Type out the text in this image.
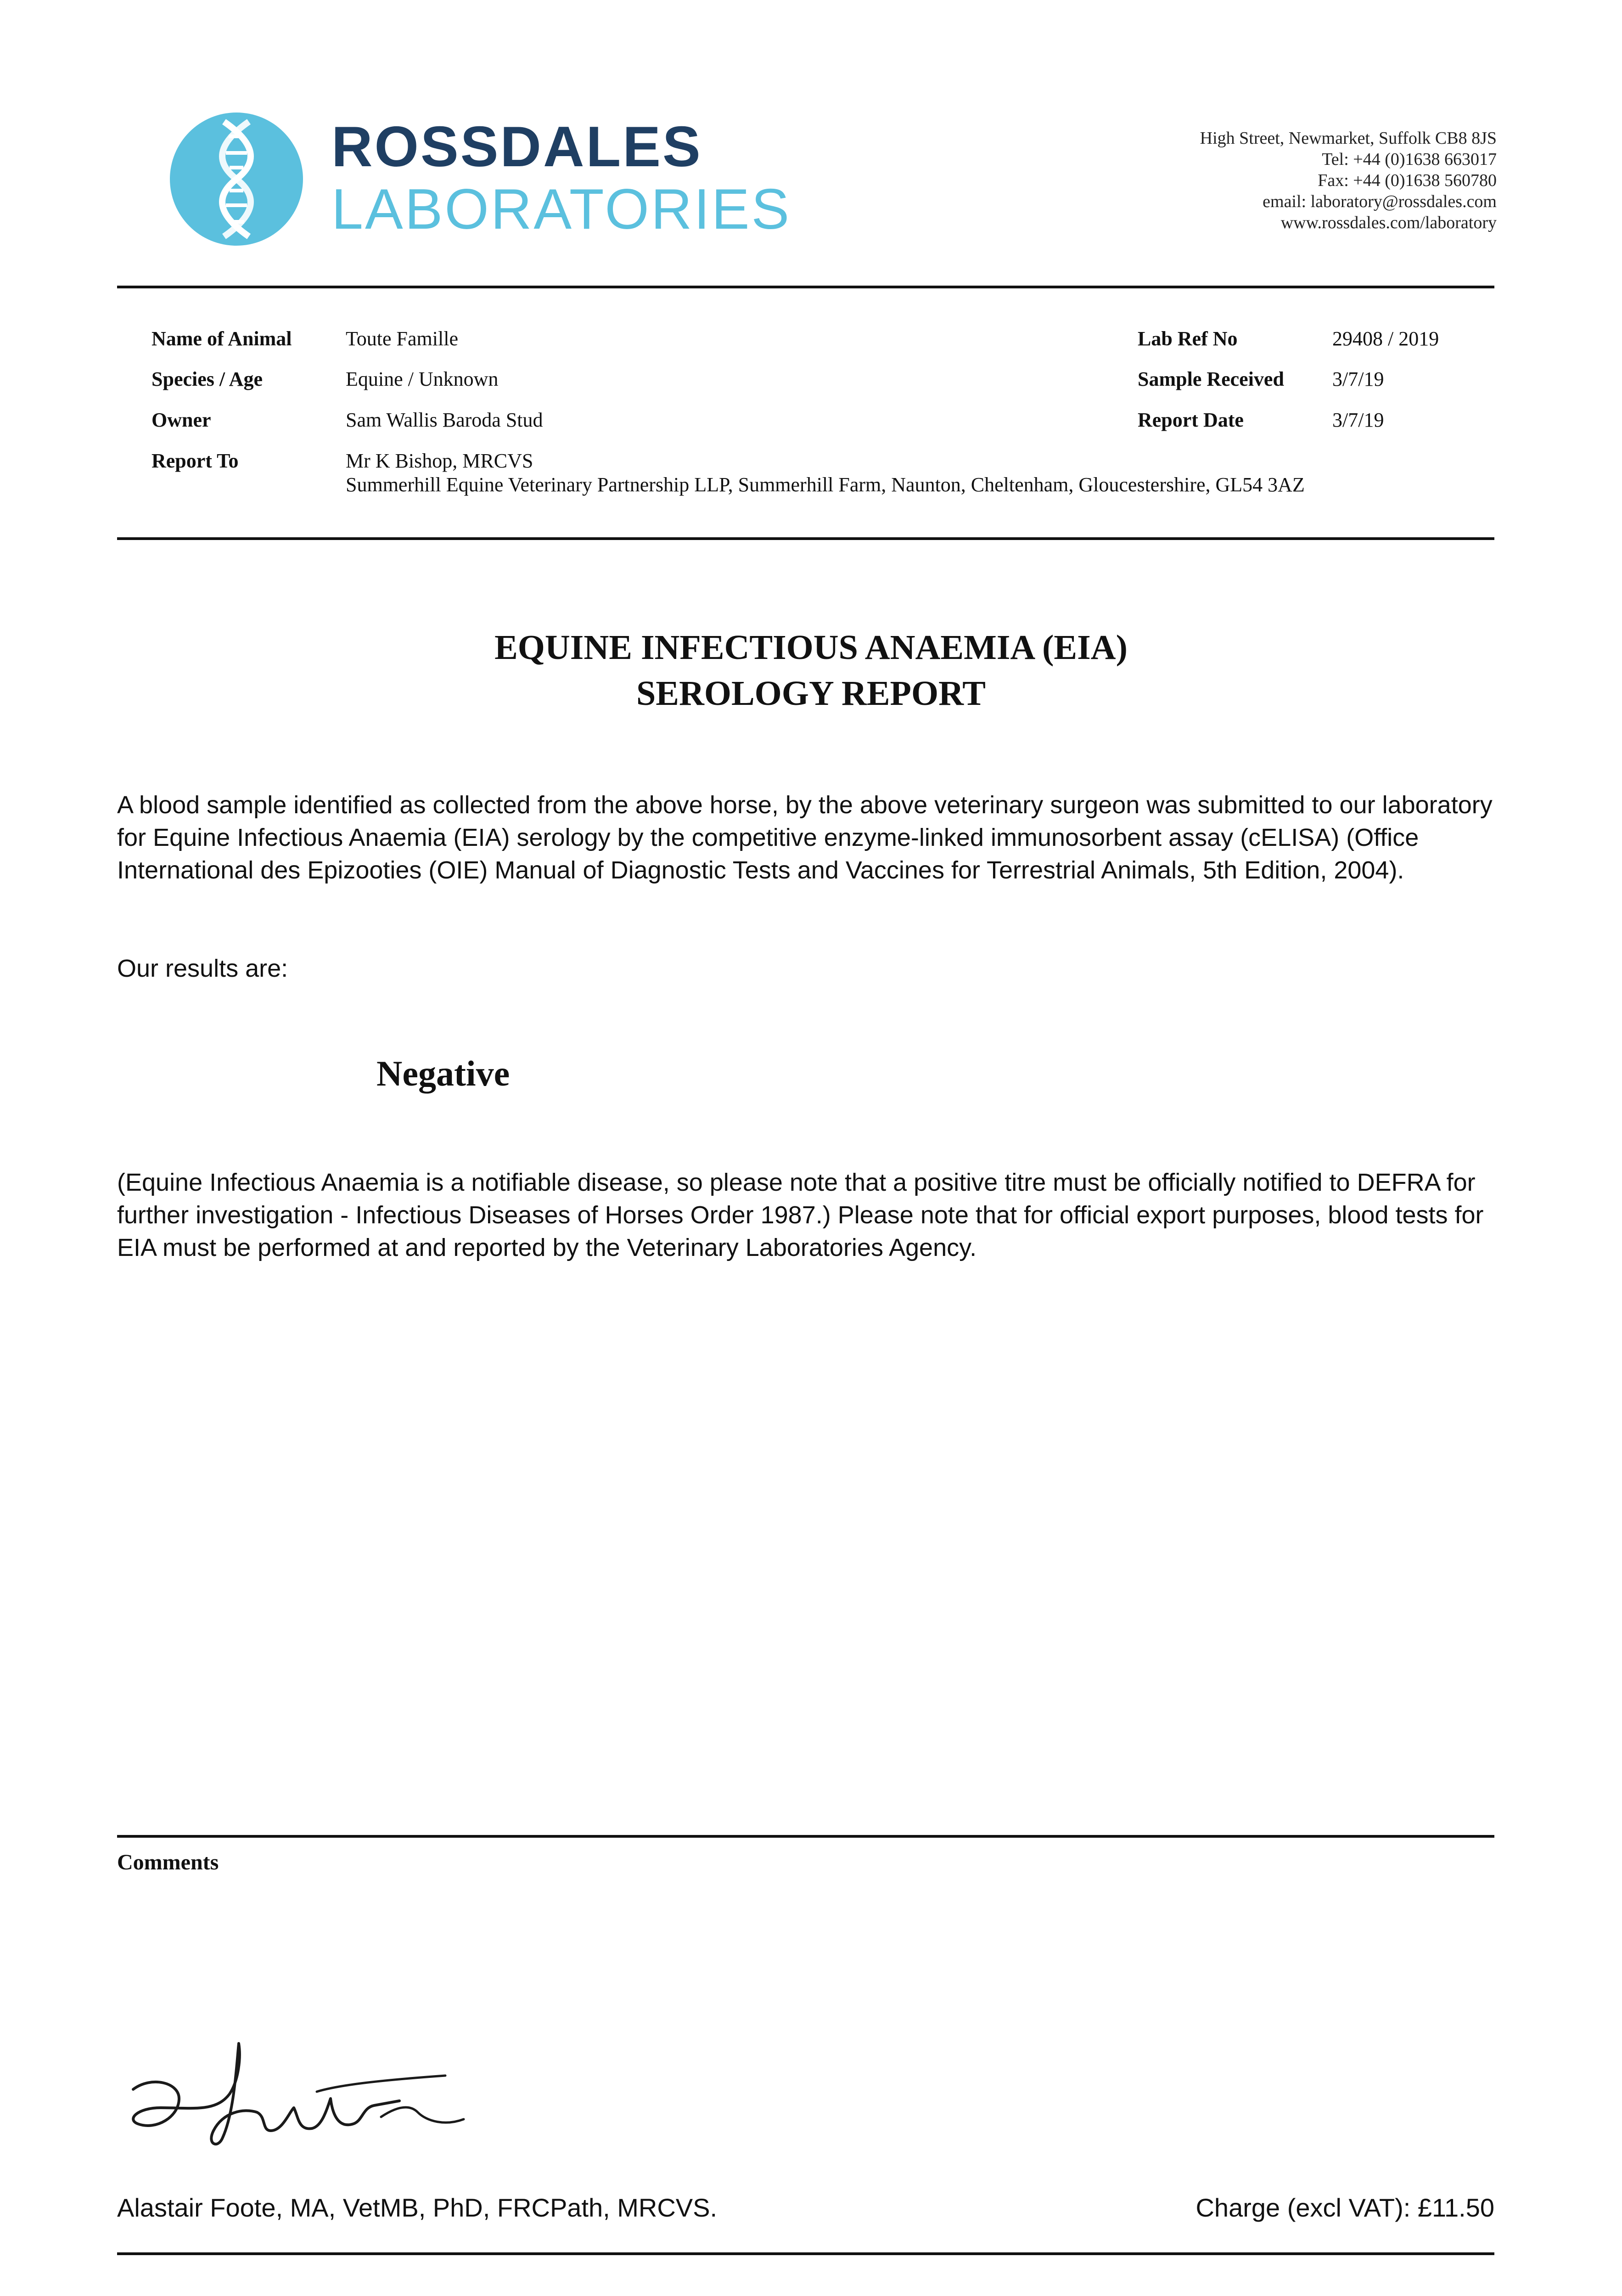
ROSSDALES
LABORATORIES
High Street, Newmarket, Suffolk CB8 8JS
Tel: +44 (0)1638 663017
Fax: +44 (0)1638 560780
email: laboratory@rossdales.com
www.rossdales.com/laboratory
Name of Animal	Toute Famille
Species / Age	Equine / Unknown
Owner	Sam Wallis Baroda Stud
Report To	Mr K Bishop, MRCVS
Summerhill Equine Veterinary Partnership LLP, Summerhill Farm, Naunton, Cheltenham, Gloucestershire, GL54 3AZ
Lab Ref No	29408 / 2019
Sample Received 3/7/19
Report Date	3/7/19
EQUINE INFECTIOUS ANAEMIA (EIA)
SEROLOGY REPORT
A blood sample identified as collected from the above horse, by the above veterinary surgeon was submitted to our laboratory for Equine Infectious Anaemia (EIA) serology by the competitive enzyme-linked immunosorbent assay (cELISA) (Office International des Epizooties (OIE) Manual of Diagnostic Tests and Vaccines for Terrestrial Animals, 5th Edition, 2004).
Our results are:
Negative
(Equine Infectious Anaemia is a notifiable disease, so please note that a positive titre must be officially notified to DEFRA for further investigation - Infectious Diseases of Horses Order 1987.) Please note that for official export purposes, blood tests for EIA must be performed at and reported by the Veterinary Laboratories Agency.
Comments
Alastair Foote, MA, VetMB, PhD, FRCPath, MRCVS.	Charge (excl VAT): £11.50
